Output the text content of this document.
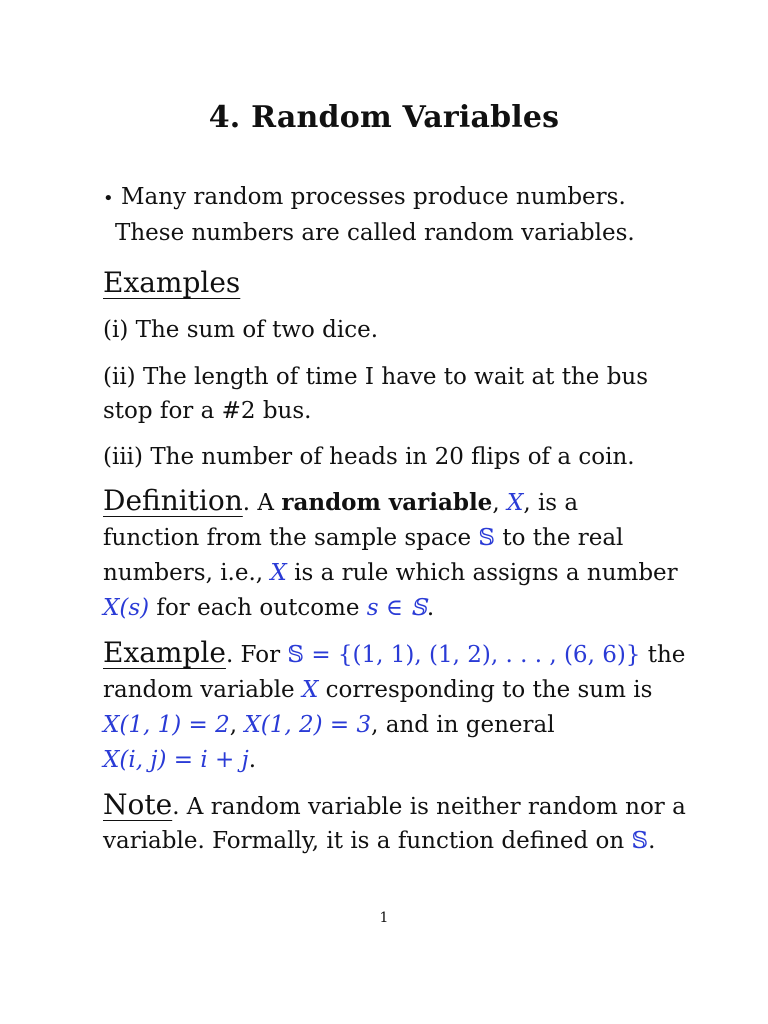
4. Random Variables
• Many random processes produce numbers.
These numbers are called random variables.
Examples
(i) The sum of two dice.
(ii) The length of time I have to wait at the bus
stop for a #2 bus.
(iii) The number of heads in 20 flips of a coin.
Definition. A random variable, X, is a
function from the sample space 𝕊 to the real
numbers, i.e., X is a rule which assigns a number
X(s) for each outcome s ∈ 𝕊.
Example. For 𝕊 = {(1, 1), (1, 2), . . . , (6, 6)} the
random variable X corresponding to the sum is
X(1, 1) = 2, X(1, 2) = 3, and in general
X(i, j) = i + j.
Note. A random variable is neither random nor a
variable. Formally, it is a function defined on 𝕊.
1
